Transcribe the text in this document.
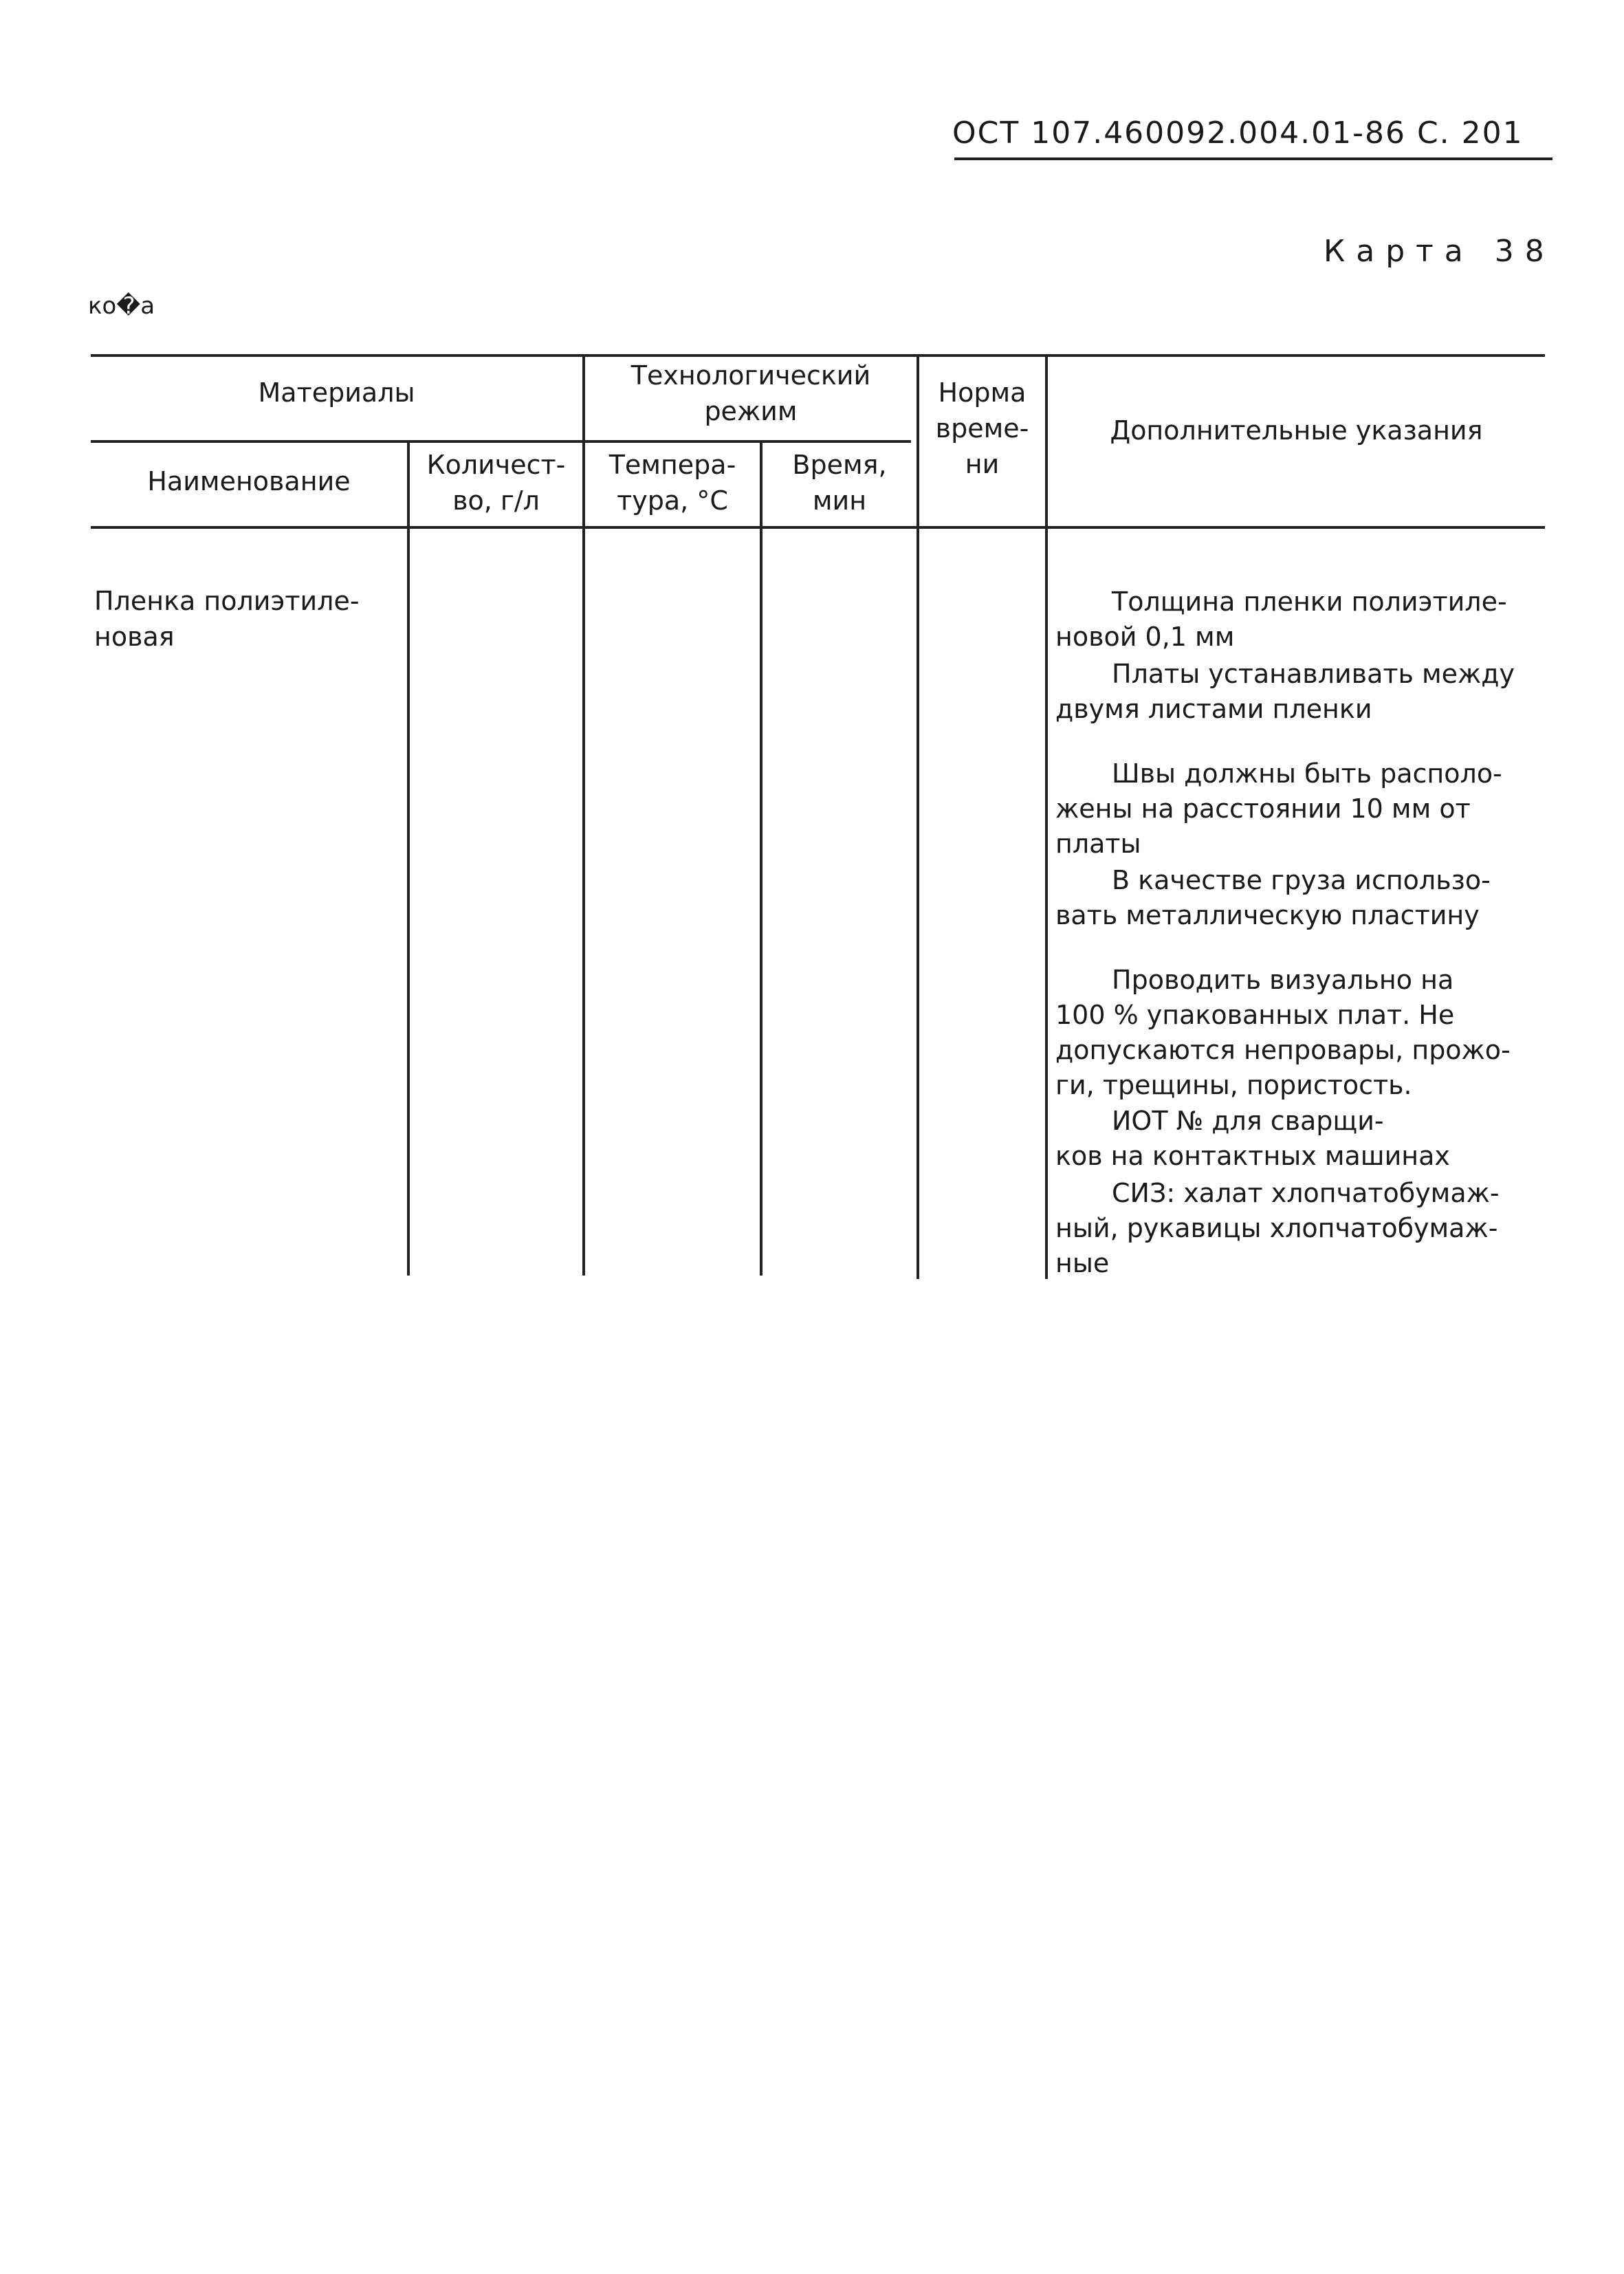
ОСТ 107.460092.004.01-86 С. 201
Карта 38
ко�а
Материалы
Технологический
режим
Норма
време-
ни
Дополнительные указания
Наименование
Количест-
во, г/л
Темпера-
тура, °C
Время,
мин
Пленка полиэтиле-
новая
Толщина пленки полиэтиле-
новой 0,1 мм
Платы устанавливать между
двумя листами пленки
Швы должны быть располо-
жены на расстоянии 10 мм от
платы
В качестве груза использо-
вать металлическую пластину
Проводить визуально на
100 % упакованных плат. Не
допускаются непровары, прожо-
ги, трещины, пористость.
ИОТ № для сварщи-
ков на контактных машинах
СИЗ: халат хлопчатобумаж-
ный, рукавицы хлопчатобумаж-
ные
